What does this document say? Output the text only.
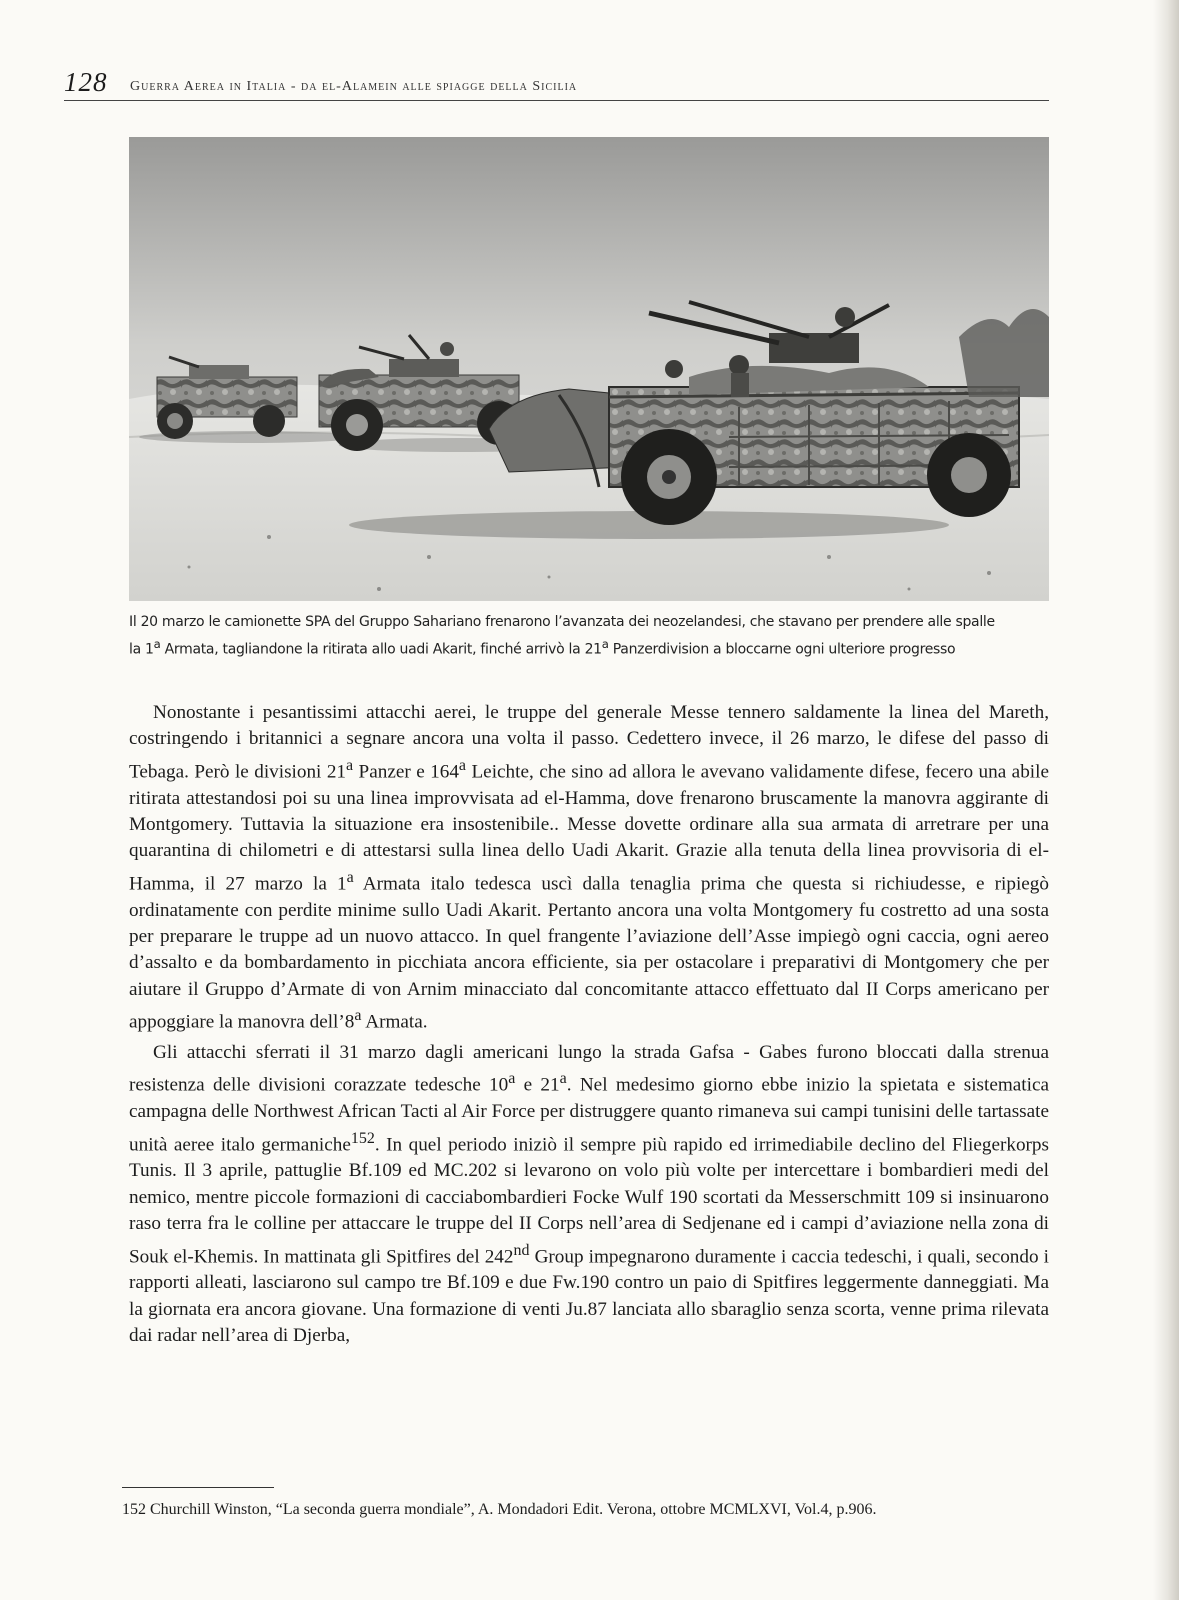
128 Guerra Aerea in Italia - da el-Alamein alle spiagge della Sicilia

Il 20 marzo le camionette SPA del Gruppo Sahariano frenarono l’avanzata dei neozelandesi, che stavano per prendere alle spalle

la 1$^a$ Armata, tagliandone la ritirata allo uadi Akarit, finché arrivò la 21$^a$ Panzerdivision a bloccarne ogni ulteriore progresso

Nonostante i pesantissimi attacchi aerei, le truppe del generale Messe tennero saldamente la linea del Mareth, costringendo i britannici a segnare ancora una volta il passo. Cedettero invece, il 26 marzo, le difese del passo di Tebaga. Però le divisioni 21$^a$ Panzer e 164$^a$ Leichte, che sino ad allora le avevano validamente difese, fecero una abile ritirata attestandosi poi su una linea improvvisata ad el-Hamma, dove frenarono bruscamente la manovra aggirante di Montgomery. Tuttavia la situazione era insostenibile.. Messe dovette ordinare alla sua armata di arretrare per una quarantina di chilometri e di attestarsi sulla linea dello Uadi Akarit. Grazie alla tenuta della linea provvisoria di el-Hamma, il 27 marzo la 1$^a$ Armata italo tedesca uscì dalla tenaglia prima che questa si richiudesse, e ripiegò ordinatamente con perdite minime sullo Uadi Akarit. Pertanto ancora una volta Montgomery fu costretto ad una sosta per preparare le truppe ad un nuovo attacco. In quel frangente l’aviazione dell’Asse impiegò ogni caccia, ogni aereo d’assalto e da bombardamento in picchiata ancora efficiente, sia per ostacolare i preparativi di Montgomery che per aiutare il Gruppo d’Armate di von Arnim minacciato dal concomitante attacco effettuato dal II Corps americano per appoggiare la manovra dell’8$^a$ Armata.

Gli attacchi sferrati il 31 marzo dagli americani lungo la strada Gafsa - Gabes furono bloccati dalla strenua resistenza delle divisioni corazzate tedesche 10$^a$ e 21$^a$. Nel medesimo giorno ebbe inizio la spietata e sistematica campagna delle Northwest African Tacti al Air Force per distruggere quanto rimaneva sui campi tunisini delle tartassate unità aeree italo germaniche$^{152}$. In quel periodo iniziò il sempre più rapido ed irrimediabile declino del Fliegerkorps Tunis. Il 3 aprile, pattuglie Bf.109 ed MC.202 si levarono on volo più volte per intercettare i bombardieri medi del nemico, mentre piccole formazioni di cacciabombardieri Focke Wulf 190 scortati da Messerschmitt 109 si insinuarono raso terra fra le colline per attaccare le truppe del II Corps nell’area di Sedjenane ed i campi d’aviazione nella zona di Souk el-Khemis. In mattinata gli Spitfires del 242nd Group impegnarono duramente i caccia tedeschi, i quali, secondo i rapporti alleati, lasciarono sul campo tre Bf.109 e due Fw.190 contro un paio di Spitfires leggermente danneggiati. Ma la giornata era ancora giovane. Una formazione di venti Ju.87 lanciata allo sbaraglio senza scorta, venne prima rilevata dai radar nell’area di Djerba,

152 Churchill Winston, “La seconda guerra mondiale”, A. Mondadori Edit. Verona, ottobre MCMLXVI, Vol.4, p.906.
